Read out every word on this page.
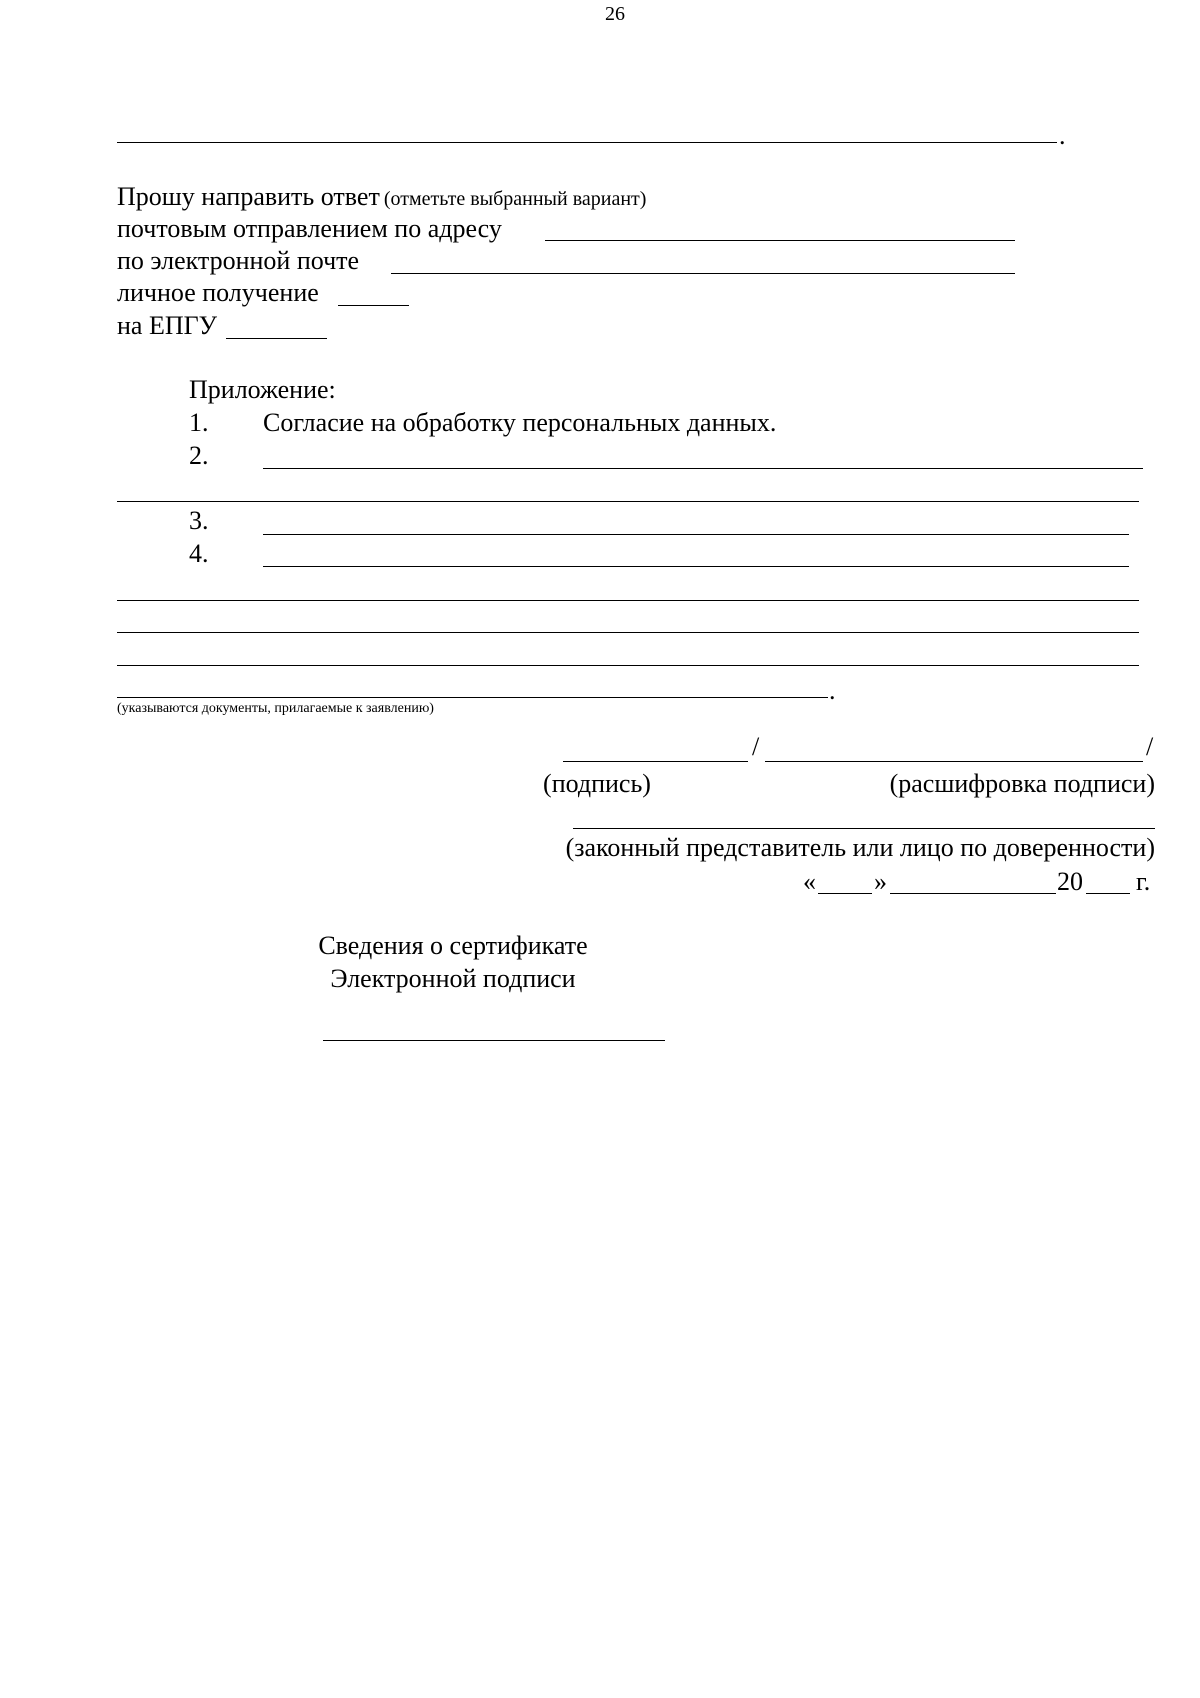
26
.
Прошу направить ответ (отметьте выбранный вариант)
почтовым отправлением по адресу
по электронной почте
личное получение
на ЕПГУ
Приложение:
1. Согласие на обработку персональных данных.
2.
3.
4.
.
(указываются документы, прилагаемые к заявлению)
/	/
(подпись)	(расшифровка подписи)
(законный представитель или лицо по доверенности)
« »	20 г.
Сведения о сертификате
Электронной подписи
